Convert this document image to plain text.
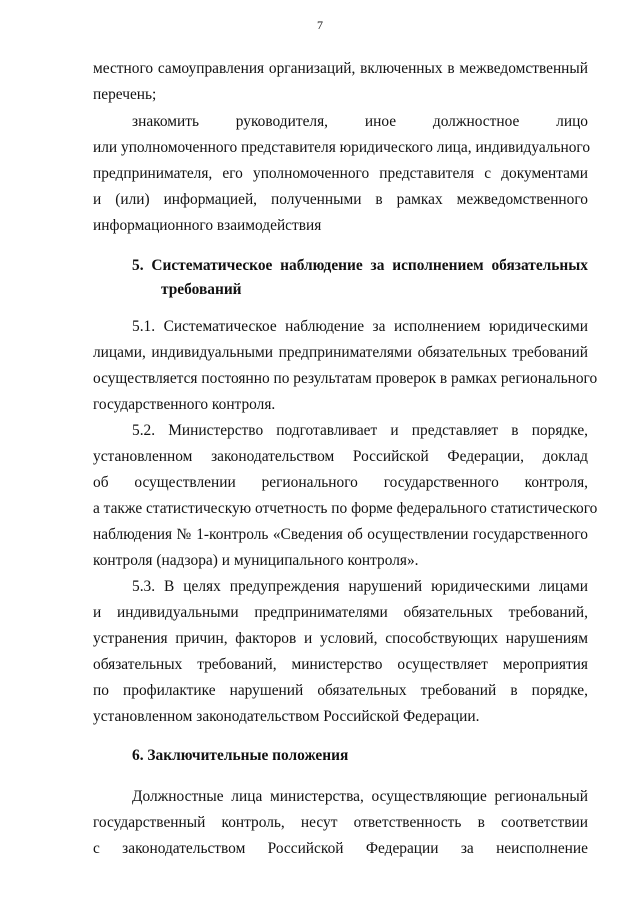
7
местного самоуправления организаций, включенных в межведомственный
перечень;
знакомить руководителя, иное должностное лицо
или уполномоченного представителя юридического лица, индивидуального
предпринимателя, его уполномоченного представителя с документами
и (или) информацией, полученными в рамках межведомственного
информационного взаимодействия
5. Систематическое наблюдение за исполнением обязательных
требований
5.1. Систематическое наблюдение за исполнением юридическими
лицами, индивидуальными предпринимателями обязательных требований
осуществляется постоянно по результатам проверок в рамках регионального
государственного контроля.
5.2. Министерство подготавливает и представляет в порядке,
установленном законодательством Российской Федерации, доклад
об осуществлении регионального государственного контроля,
а также статистическую отчетность по форме федерального статистического
наблюдения № 1-контроль «Сведения об осуществлении государственного
контроля (надзора) и муниципального контроля».
5.3. В целях предупреждения нарушений юридическими лицами
и индивидуальными предпринимателями обязательных требований,
устранения причин, факторов и условий, способствующих нарушениям
обязательных требований, министерство осуществляет мероприятия
по профилактике нарушений обязательных требований в порядке,
установленном законодательством Российской Федерации.
6. Заключительные положения
Должностные лица министерства, осуществляющие региональный
государственный контроль, несут ответственность в соответствии
с законодательством Российской Федерации за неисполнение
